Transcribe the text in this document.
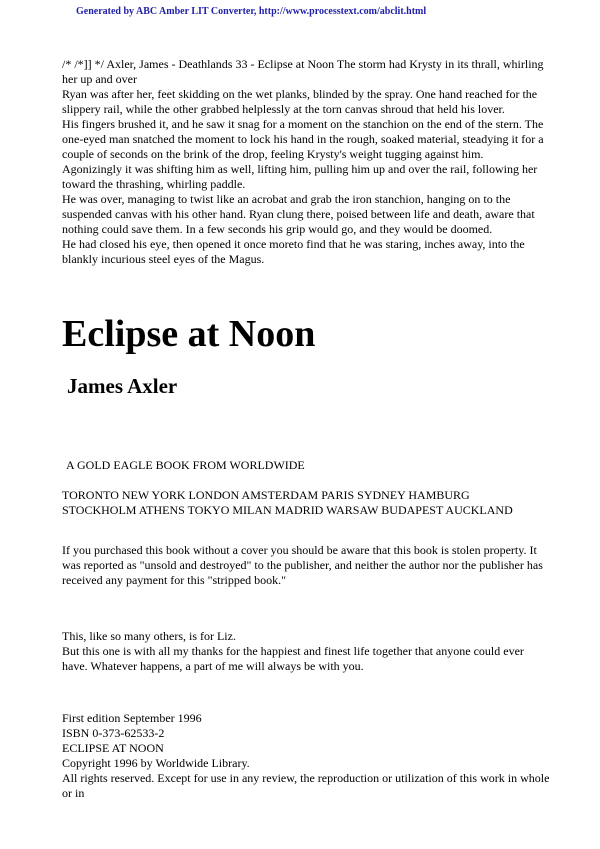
Generated by ABC Amber LIT Converter, http://www.processtext.com/abclit.html

/* /*]] */ Axler, James - Deathlands 33 - Eclipse at Noon The storm had Krysty in its thrall, whirling her up and over

Ryan was after her, feet skidding on the wet planks, blinded by the spray. One hand reached for the slippery rail, while the other grabbed helplessly at the torn canvas shroud that held his lover.

His fingers brushed it, and he saw it snag for a moment on the stanchion on the end of the stern. The one-eyed man snatched the moment to lock his hand in the rough, soaked material, steadying it for a couple of seconds on the brink of the drop, feeling Krysty's weight tugging against him.

Agonizingly it was shifting him as well, lifting him, pulling him up and over the rail, following her toward the thrashing, whirling paddle.

He was over, managing to twist like an acrobat and grab the iron stanchion, hanging on to the suspended canvas with his other hand. Ryan clung there, poised between life and death, aware that nothing could save them. In a few seconds his grip would go, and they would be doomed.

He had closed his eye, then opened it once moreto find that he was staring, inches away, into the blankly incurious steel eyes of the Magus.

Eclipse at Noon
James Axler
A GOLD EAGLE BOOK FROM WORLDWIDE
TORONTO NEW YORK LONDON AMSTERDAM PARIS SYDNEY HAMBURG
STOCKHOLM ATHENS TOKYO MILAN MADRID WARSAW BUDAPEST AUCKLAND

If you purchased this book without a cover you should be aware that this book is stolen property. It was reported as "unsold and destroyed" to the publisher, and neither the author nor the publisher has received any payment for this "stripped book."

This, like so many others, is for Liz.

But this one is with all my thanks for the happiest and finest life together that anyone could ever have. Whatever happens, a part of me will always be with you.

First edition September 1996

ISBN 0-373-62533-2

ECLIPSE AT NOON

Copyright 1996 by Worldwide Library.

All rights reserved. Except for use in any review, the reproduction or utilization of this work in whole or in
